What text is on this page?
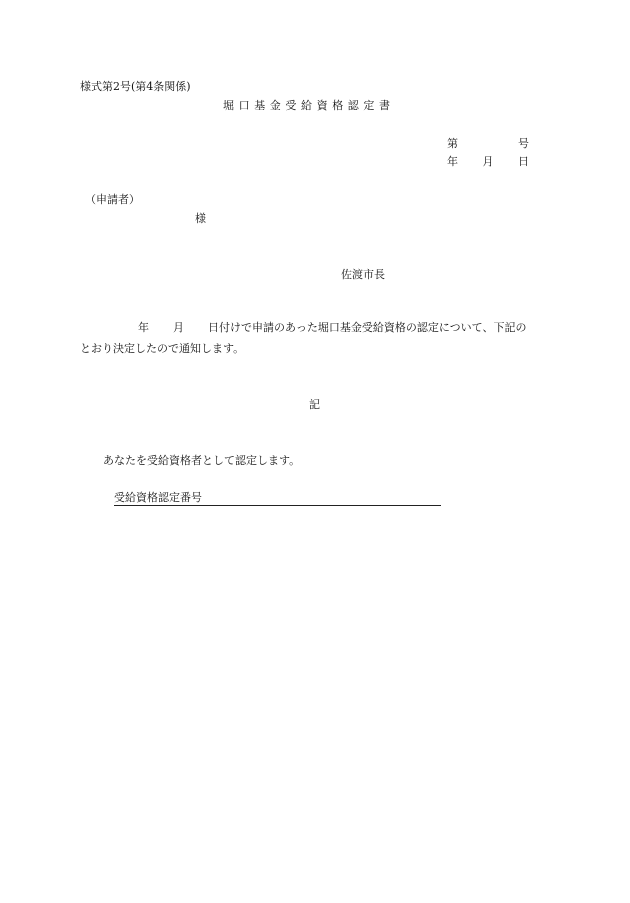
様式第2号(第4条関係)
堀口基金受給資格認定書
第	号
年 月 日
（申請者）
様
佐渡市長
年 月 日付けで申請のあった堀口基金受給資格の認定について、下記の
とおり決定したので通知します。
記
あなたを受給資格者として認定します。
受給資格認定番号
